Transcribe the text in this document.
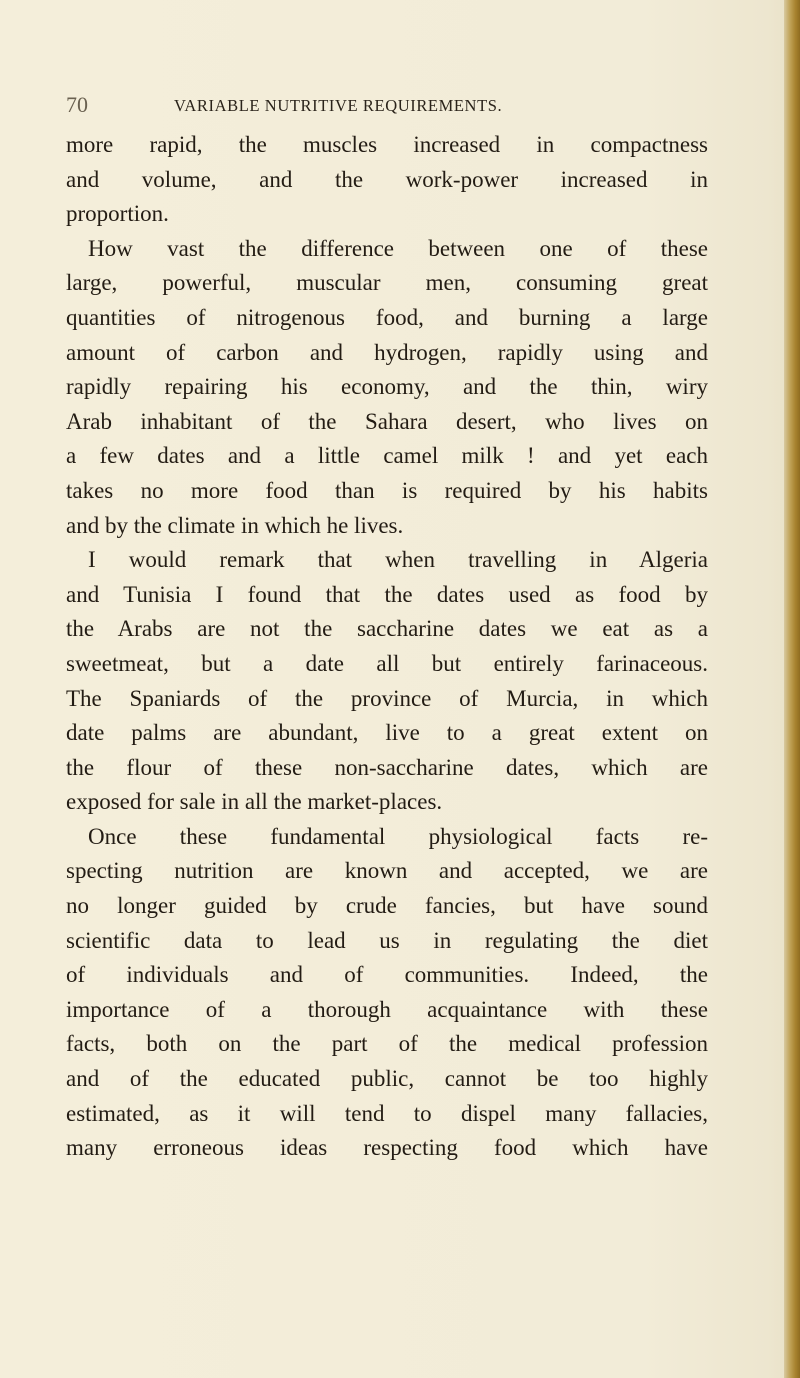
70	VARIABLE NUTRITIVE REQUIREMENTS.
more rapid, the muscles increased in compactness
and volume, and the work-power increased in
proportion.
How vast the difference between one of these
large, powerful, muscular men, consuming great
quantities of nitrogenous food, and burning a large
amount of carbon and hydrogen, rapidly using and
rapidly repairing his economy, and the thin, wiry
Arab inhabitant of the Sahara desert, who lives on
a few dates and a little camel milk ! and yet each
takes no more food than is required by his habits
and by the climate in which he lives.
I would remark that when travelling in Algeria
and Tunisia I found that the dates used as food by
the Arabs are not the saccharine dates we eat as a
sweetmeat, but a date all but entirely farinaceous.
The Spaniards of the province of Murcia, in which
date palms are abundant, live to a great extent on
the flour of these non-saccharine dates, which are
exposed for sale in all the market-places.
Once these fundamental physiological facts re-
specting nutrition are known and accepted, we are
no longer guided by crude fancies, but have sound
scientific data to lead us in regulating the diet
of individuals and of communities. Indeed, the
importance of a thorough acquaintance with these
facts, both on the part of the medical profession
and of the educated public, cannot be too highly
estimated, as it will tend to dispel many fallacies,
many erroneous ideas respecting food which have
